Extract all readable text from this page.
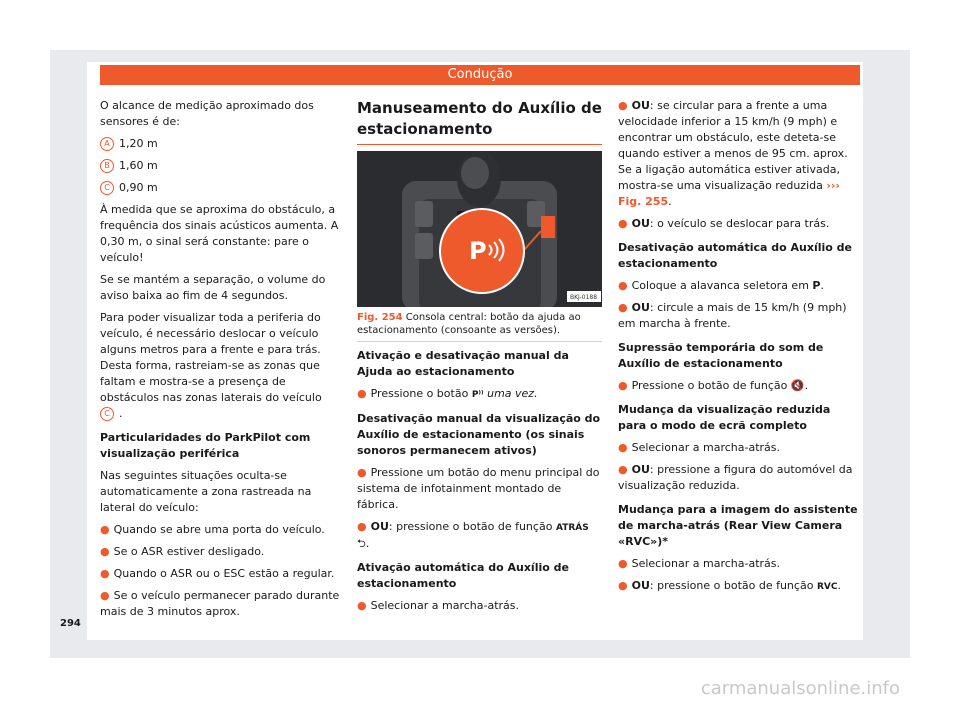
Condução

O alcance de medição aproximado dos sensores é de:

A 1,20 m

B 1,60 m

C 0,90 m

À medida que se aproxima do obstáculo, a frequência dos sinais acústicos aumenta. A 0,30 m, o sinal será constante: pare o veículo!

Se se mantém a separação, o volume do aviso baixa ao fim de 4 segundos.

Para poder visualizar toda a periferia do veículo, é necessário deslocar o veículo alguns metros para a frente e para trás. Desta forma, rastreiam-se as zonas que faltam e mostra-se a presença de obstáculos nas zonas laterais do veículo C .

Particularidades do ParkPilot com visualização periférica

Nas seguintes situações oculta-se automaticamente a zona rastreada na lateral do veículo:

● Quando se abre uma porta do veículo.

● Se o ASR estiver desligado.

● Quando o ASR ou o ESC estão a regular.

● Se o veículo permanecer parado durante mais de 3 minutos aprox.

Manuseamento do Auxílio de estacionamento

P
BKJ-0188

Fig. 254 Consola central: botão da ajuda ao estacionamento (consoante as versões).

Ativação e desativação manual da Ajuda ao estacionamento

● Pressione o botão P⁾⁾ uma vez.

Desativação manual da visualização do Auxílio de estacionamento (os sinais sonoros permanecem ativos)

● Pressione um botão do menu principal do sistema de infotainment montado de fábrica.

● OU: pressione o botão de função ATRÁS
⮌.

Ativação automática do Auxílio de estacionamento

● Selecionar a marcha-atrás.

● OU: se circular para a frente a uma velocidade inferior a 15 km/h (9 mph) e encontrar um obstáculo, este deteta-se quando estiver a menos de 95 cm. aprox. Se a ligação automática estiver ativada, mostra-se uma visualização reduzida ››› Fig. 255.

● OU: o veículo se deslocar para trás.

Desativação automática do Auxílio de estacionamento

● Coloque a alavanca seletora em P.

● OU: circule a mais de 15 km/h (9 mph) em marcha à frente.

Supressão temporária do som de Auxílio de estacionamento

● Pressione o botão de função 🔇.

Mudança da visualização reduzida para o modo de ecrã completo

● Selecionar a marcha-atrás.

● OU: pressione a figura do automóvel da visualização reduzida.

Mudança para a imagem do assistente de marcha-atrás (Rear View Camera «RVC»)*

● Selecionar a marcha-atrás.

● OU: pressione o botão de função RVC.

294
carmanualsonline.info
